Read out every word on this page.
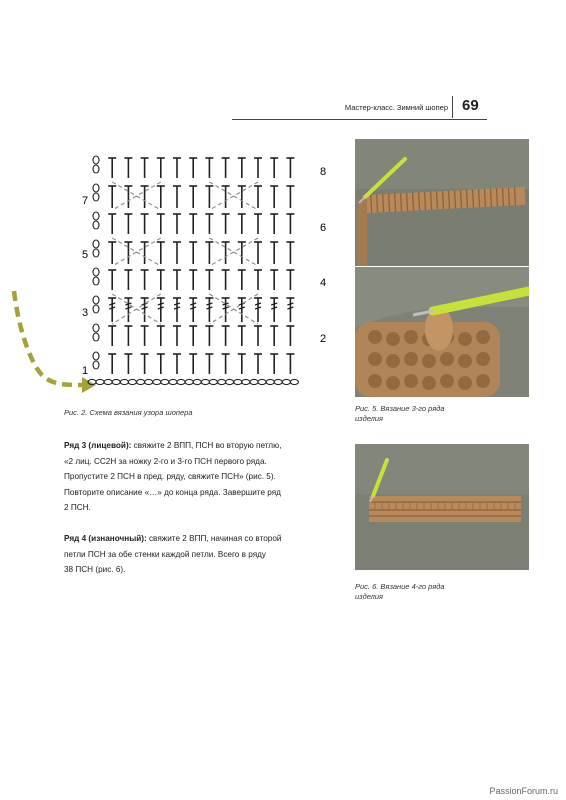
Мастер-класс. Зимний шопер 69
7
5
3
1
8
6
4
2
Рис. 2. Схема вязания узора шопера
Ряд 3 (лицевой): свяжите 2 ВПП, ПСН во вторую петлю,
«2 лиц. СС2Н за ножку 2-го и 3-го ПСН первого ряда.
Пропустите 2 ПСН в пред. ряду, свяжите ПСН» (рис. 5).
Повторите описание «…» до конца ряда. Завершите ряд
2 ПСН.
Ряд 4 (изнаночный): свяжите 2 ВПП, начиная со второй
петли ПСН за обе стенки каждой петли. Всего в ряду
38 ПСН (рис. 6).
Рис. 5. Вязание 3-го ряда
изделия
Рис. 6. Вязание 4-го ряда
изделия
PassionForum.ru
